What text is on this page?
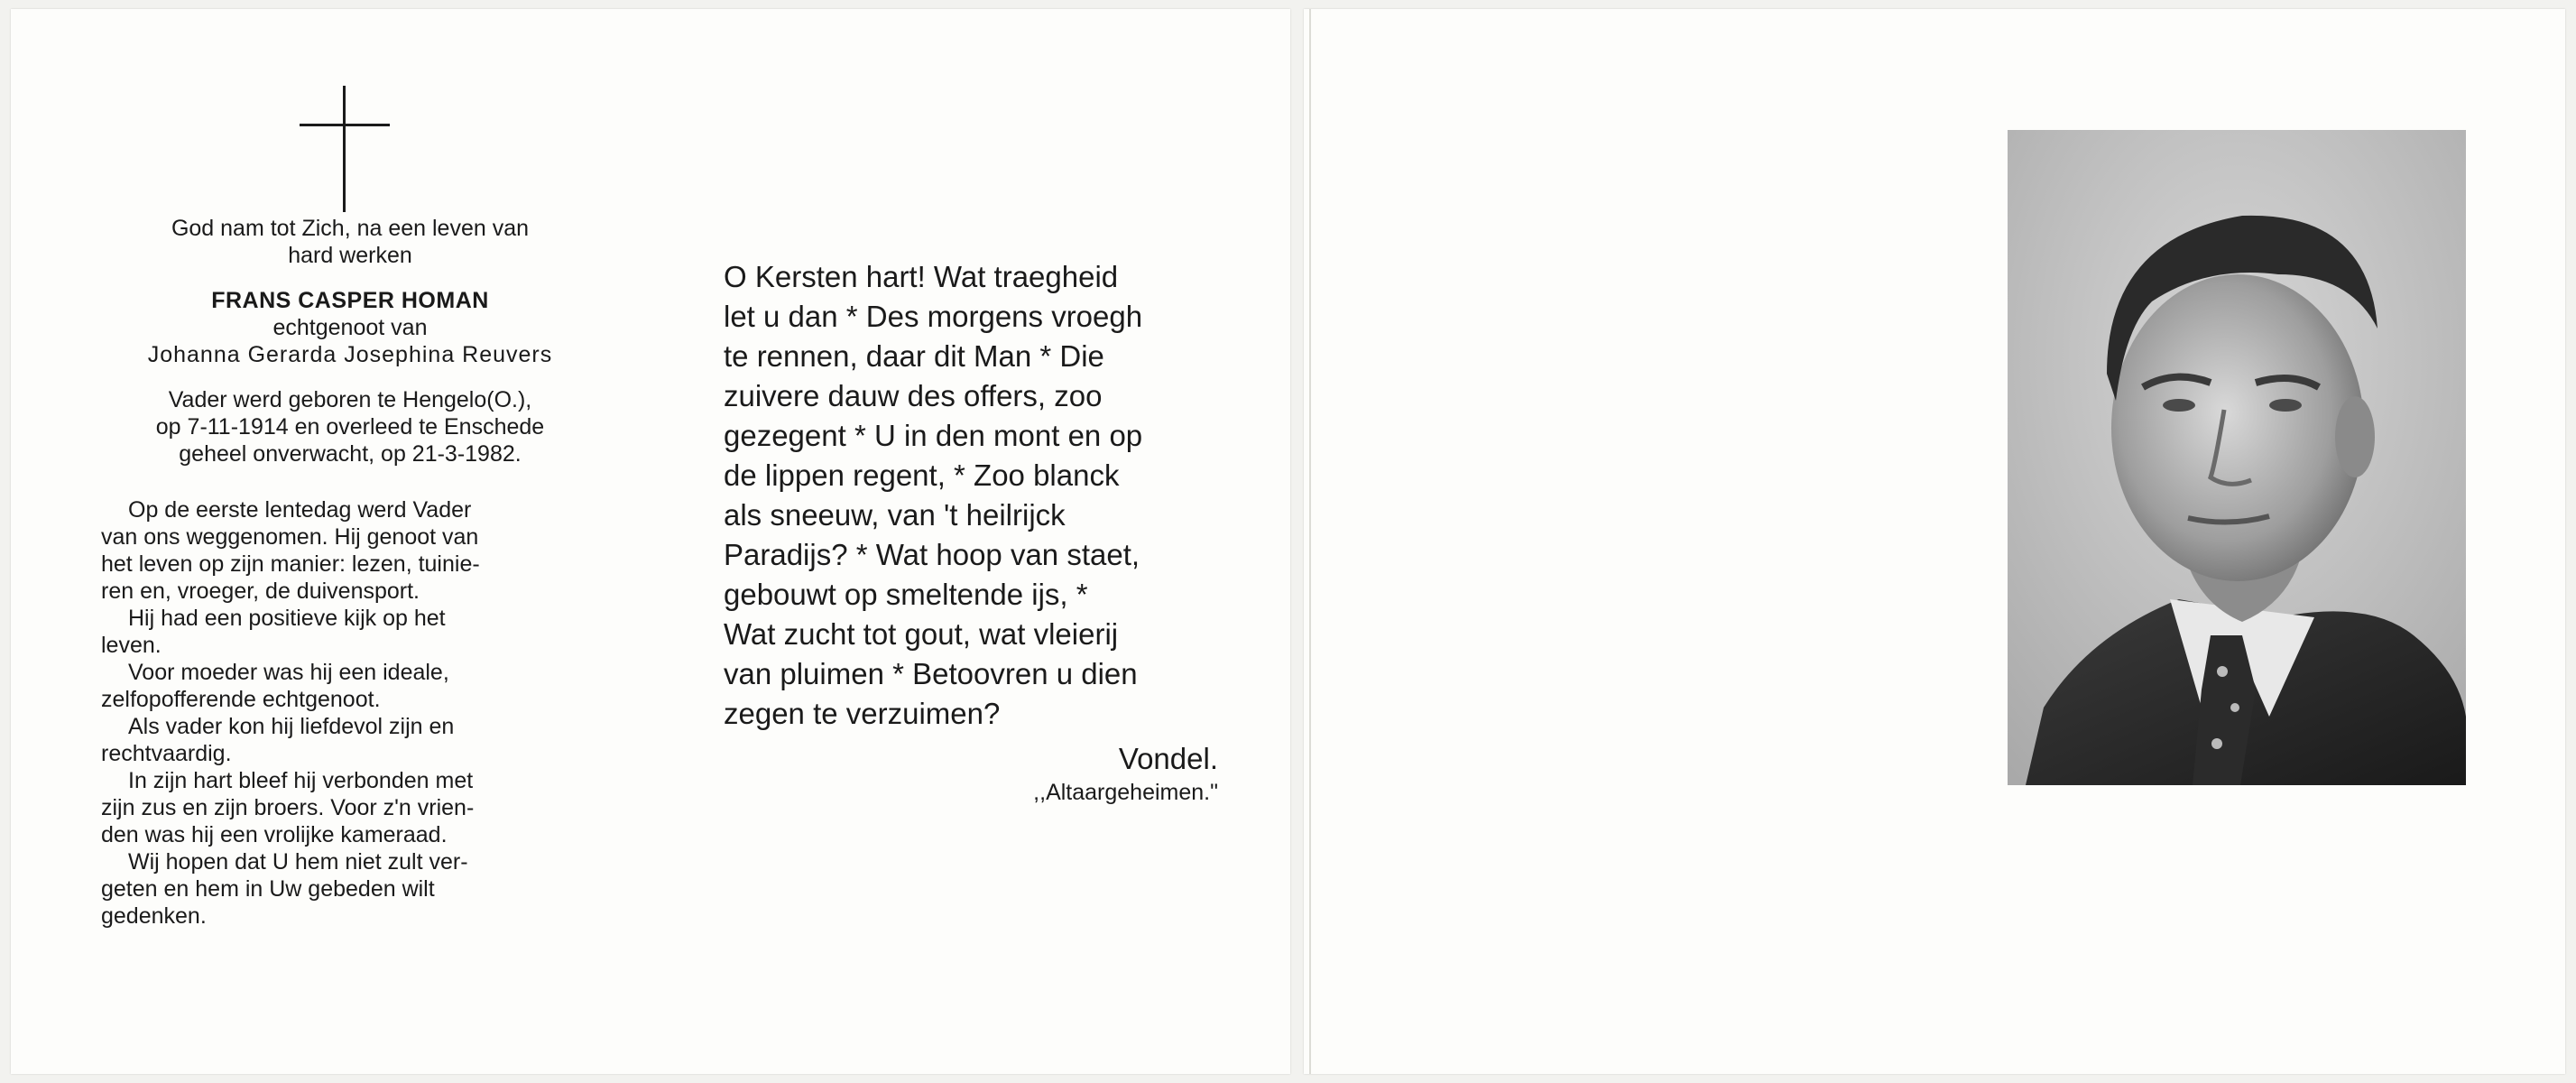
God nam tot Zich, na een leven van
hard werken
FRANS CASPER HOMAN
echtgenoot van
Johanna Gerarda Josephina Reuvers
Vader werd geboren te Hengelo(O.),
op 7-11-1914 en overleed te Enschede
geheel onverwacht, op 21-3-1982.

Op de eerste lentedag werd Vader

van ons weggenomen. Hij genoot van
het leven op zijn manier: lezen, tuinie-
ren en, vroeger, de duivensport.

Hij had een positieve kijk op het

leven.

Voor moeder was hij een ideale,

zelfopofferende echtgenoot.

Als vader kon hij liefdevol zijn en

rechtvaardig.

In zijn hart bleef hij verbonden met

zijn zus en zijn broers. Voor z'n vrien-
den was hij een vrolijke kameraad.

Wij hopen dat U hem niet zult ver-

geten en hem in Uw gebeden wilt
gedenken.
O Kersten hart! Wat traegheid
let u dan * Des morgens vroegh
te rennen, daar dit Man * Die
zuivere dauw des offers, zoo
gezegent * U in den mont en op
de lippen regent, * Zoo blanck
als sneeuw, van 't heilrijck
Paradijs? * Wat hoop van staet,
gebouwt op smeltende ijs, *
Wat zucht tot gout, wat vleierij
van pluimen * Betoovren u dien
zegen te verzuimen?
Vondel.
,,Altaargeheimen."
